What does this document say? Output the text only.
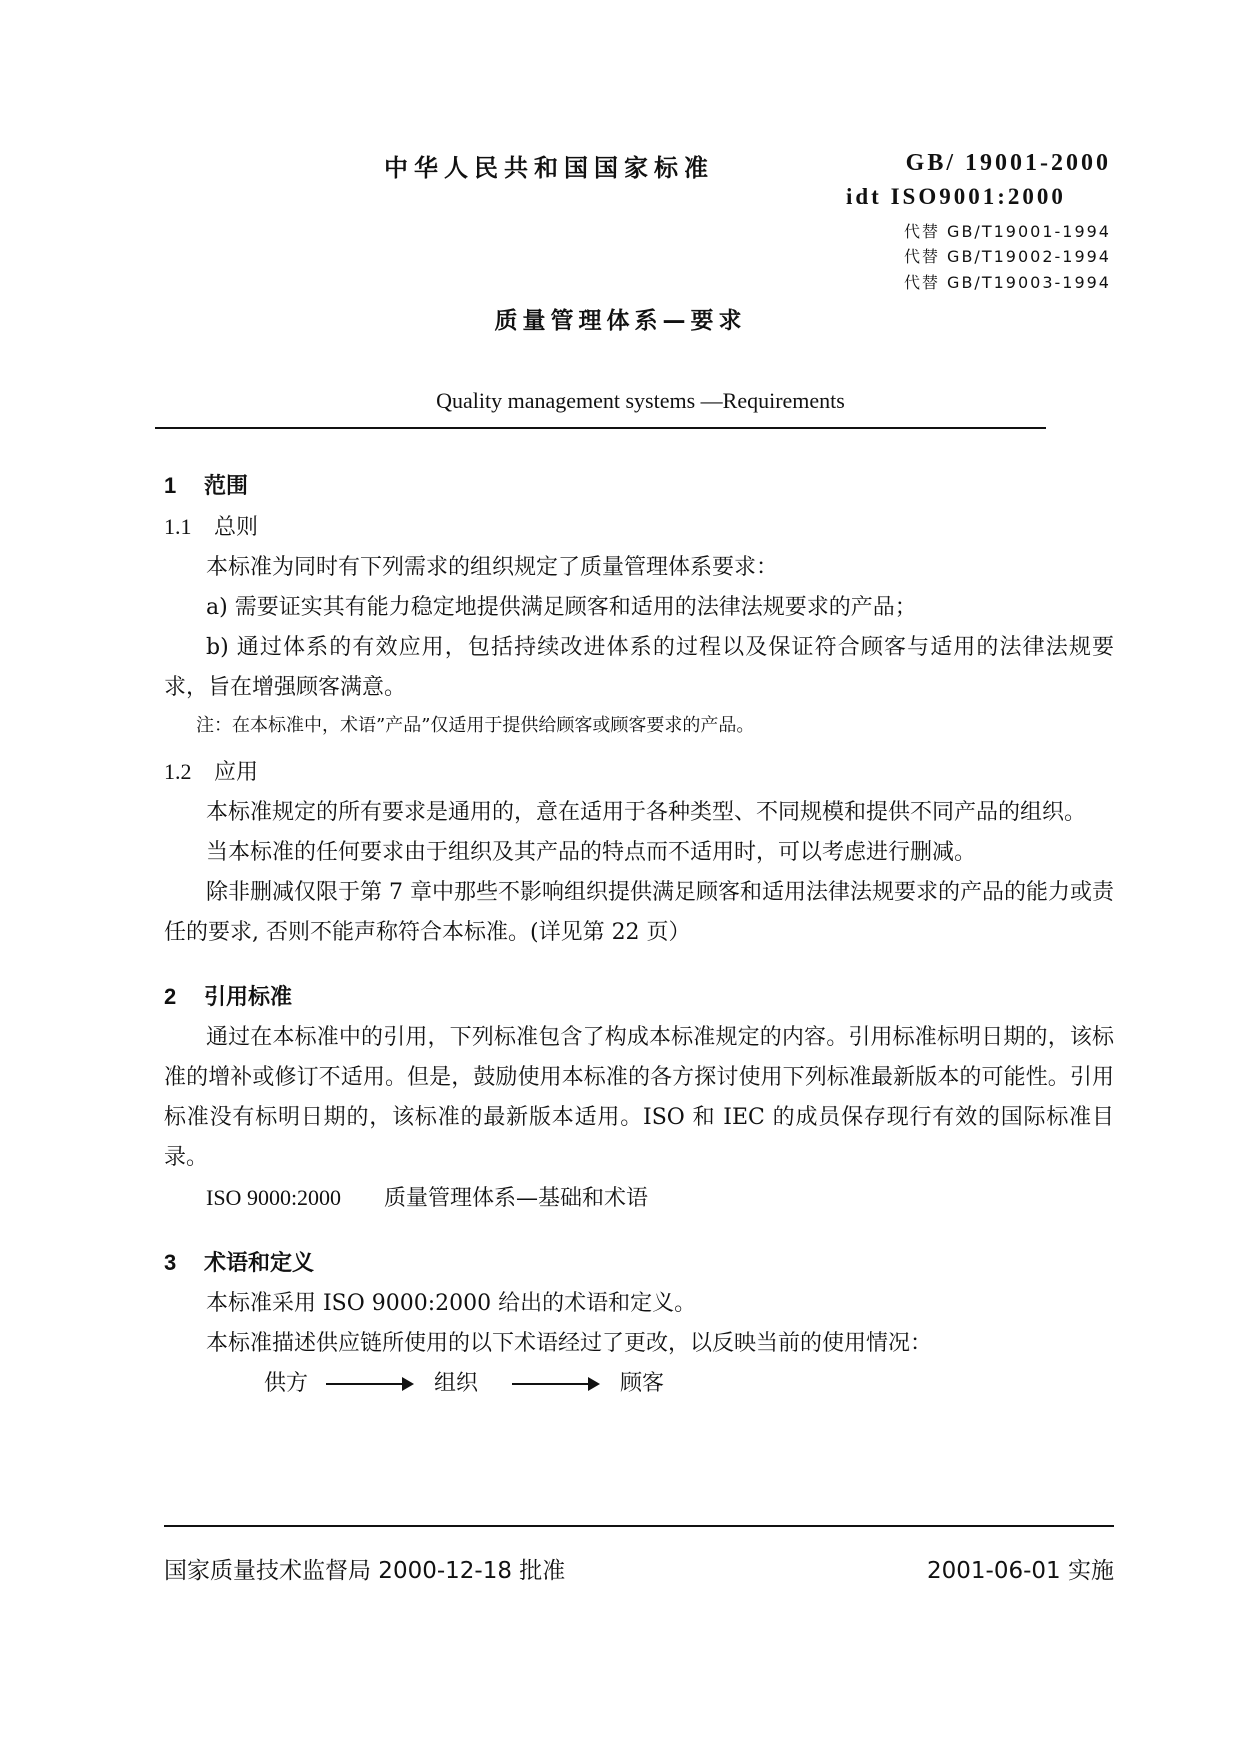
中华人民共和国国家标准	GB/ 19001-2000
idt ISO9001:2000
代替 GB/T19001-1994
代替 GB/T19002-1994
代替 GB/T19003-1994
质量管理体系—要求
Quality management systems —Requirements

1 范围

1.1 总则

本标准为同时有下列需求的组织规定了质量管理体系要求：

a) 需要证实其有能力稳定地提供满足顾客和适用的法律法规要求的产品；

b) 通过体系的有效应用，包括持续改进体系的过程以及保证符合顾客与适用的法律法规要求，旨在增强顾客满意。

注：在本标准中，术语”产品”仅适用于提供给顾客或顾客要求的产品。

1.2 应用

本标准规定的所有要求是通用的，意在适用于各种类型、不同规模和提供不同产品的组织。

当本标准的任何要求由于组织及其产品的特点而不适用时，可以考虑进行删减。

除非删减仅限于第 7 章中那些不影响组织提供满足顾客和适用法律法规要求的产品的能力或责任的要求, 否则不能声称符合本标准。(详见第 22 页）

2 引用标准

通过在本标准中的引用，下列标准包含了构成本标准规定的内容。引用标准标明日期的，该标准的增补或修订不适用。但是，鼓励使用本标准的各方探讨使用下列标准最新版本的可能性。引用标准没有标明日期的，该标准的最新版本适用。ISO 和 IEC 的成员保存现行有效的国际标准目录。

ISO 9000:2000 质量管理体系—基础和术语

3 术语和定义

本标准采用 ISO 9000:2000 给出的术语和定义。

本标准描述供应链所使用的以下术语经过了更改，以反映当前的使用情况：

供方	组织	顾客

国家质量技术监督局 2000-12-18 批准	2001-06-01 实施
